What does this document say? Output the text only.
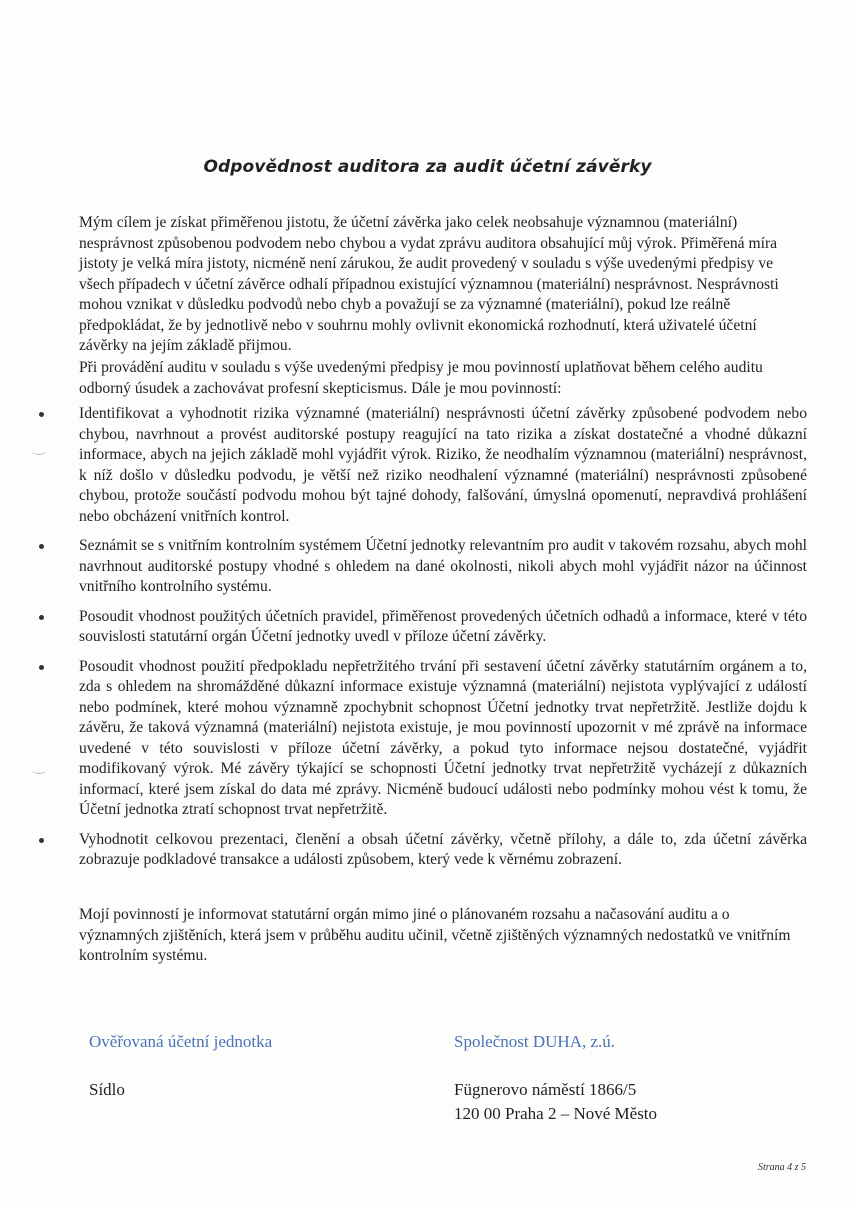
Odpovědnost auditora za audit účetní závěrky
Mým cílem je získat přiměřenou jistotu, že účetní závěrka jako celek neobsahuje významnou (materiální) nesprávnost způsobenou podvodem nebo chybou a vydat zprávu auditora obsahující můj výrok. Přiměřená míra jistoty je velká míra jistoty, nicméně není zárukou, že audit provedený v souladu s výše uvedenými předpisy ve všech případech v účetní závěrce odhalí případnou existující významnou (materiální) nesprávnost. Nesprávnosti mohou vznikat v důsledku podvodů nebo chyb a považují se za významné (materiální), pokud lze reálně předpokládat, že by jednotlivě nebo v souhrnu mohly ovlivnit ekonomická rozhodnutí, která uživatelé účetní závěrky na jejím základě přijmou.
Při provádění auditu v souladu s výše uvedenými předpisy je mou povinností uplatňovat během celého auditu odborný úsudek a zachovávat profesní skepticismus. Dále je mou povinností:
Identifikovat a vyhodnotit rizika významné (materiální) nesprávnosti účetní závěrky způsobené podvodem nebo chybou, navrhnout a provést auditorské postupy reagující na tato rizika a získat dostatečné a vhodné důkazní informace, abych na jejich základě mohl vyjádřit výrok. Riziko, že neodhalím významnou (materiální) nesprávnost, k níž došlo v důsledku podvodu, je větší než riziko neodhalení významné (materiální) nesprávnosti způsobené chybou, protože součástí podvodu mohou být tajné dohody, falšování, úmyslná opomenutí, nepravdivá prohlášení nebo obcházení vnitřních kontrol.
Seznámit se s vnitřním kontrolním systémem Účetní jednotky relevantním pro audit v takovém rozsahu, abych mohl navrhnout auditorské postupy vhodné s ohledem na dané okolnosti, nikoli abych mohl vyjádřit názor na účinnost vnitřního kontrolního systému.
Posoudit vhodnost použitých účetních pravidel, přiměřenost provedených účetních odhadů a informace, které v této souvislosti statutární orgán Účetní jednotky uvedl v příloze účetní závěrky.
Posoudit vhodnost použití předpokladu nepřetržitého trvání při sestavení účetní závěrky statutárním orgánem a to, zda s ohledem na shromážděné důkazní informace existuje významná (materiální) nejistota vyplývající z událostí nebo podmínek, které mohou významně zpochybnit schopnost Účetní jednotky trvat nepřetržitě. Jestliže dojdu k závěru, že taková významná (materiální) nejistota existuje, je mou povinností upozornit v mé zprávě na informace uvedené v této souvislosti v příloze účetní závěrky, a pokud tyto informace nejsou dostatečné, vyjádřit modifikovaný výrok. Mé závěry týkající se schopnosti Účetní jednotky trvat nepřetržitě vycházejí z důkazních informací, které jsem získal do data mé zprávy. Nicméně budoucí události nebo podmínky mohou vést k tomu, že Účetní jednotka ztratí schopnost trvat nepřetržitě.
Vyhodnotit celkovou prezentaci, členění a obsah účetní závěrky, včetně přílohy, a dále to, zda účetní závěrka zobrazuje podkladové transakce a události způsobem, který vede k věrnému zobrazení.
Mojí povinností je informovat statutární orgán mimo jiné o plánovaném rozsahu a načasování auditu a o významných zjištěních, která jsem v průběhu auditu učinil, včetně zjištěných významných nedostatků ve vnitřním kontrolním systému.
Ověřovaná účetní jednotka	Společnost DUHA, z.ú.
Sídlo	Fügnerovo náměstí 1866/5
120 00 Praha 2 – Nové Město
Strana 4 z 5
